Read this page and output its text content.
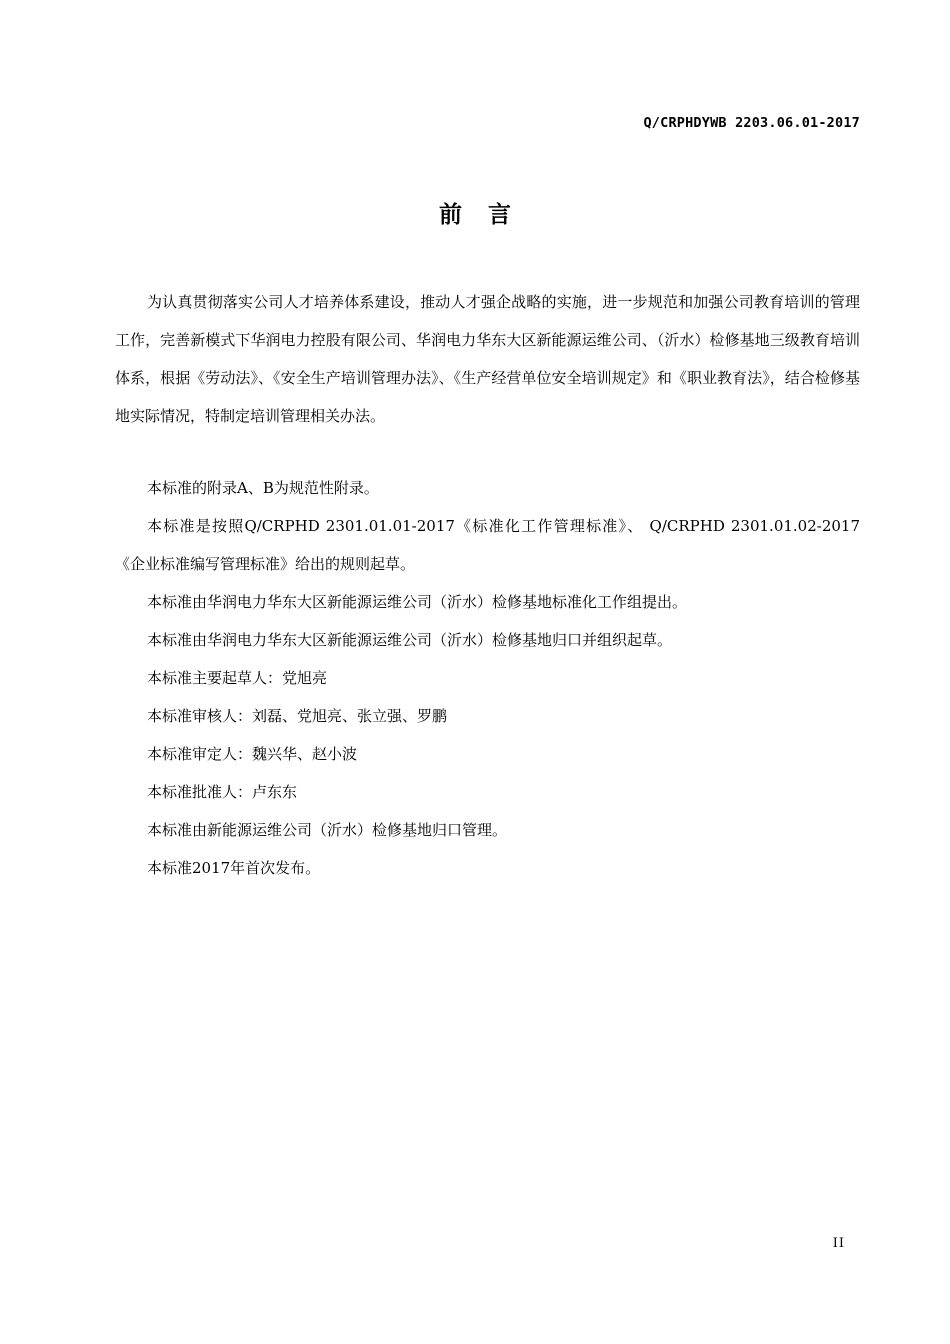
Q/CRPHDYWB 2203.06.01-2017
前言

为认真贯彻落实公司人才培养体系建设，推动人才强企战略的实施，进一步规范和加强公司教育培训的管理工作，完善新模式下华润电力控股有限公司、华润电力华东大区新能源运维公司、（沂水）检修基地三级教育培训体系，根据《劳动法》、《安全生产培训管理办法》、《生产经营单位安全培训规定》和《职业教育法》，结合检修基地实际情况，特制定培训管理相关办法。

本标准的附录A、B为规范性附录。
本标准是按照Q/CRPHD 2301.01.01-2017《标准化工作管理标准》、 Q/CRPHD 2301.01.02-2017《企业标准编写管理标准》给出的规则起草。
本标准由华润电力华东大区新能源运维公司（沂水）检修基地标准化工作组提出。
本标准由华润电力华东大区新能源运维公司（沂水）检修基地归口并组织起草。
本标准主要起草人：党旭亮
本标准审核人：刘磊、党旭亮、张立强、罗鹏
本标准审定人：魏兴华、赵小波
本标准批准人：卢东东
本标准由新能源运维公司（沂水）检修基地归口管理。
本标准2017年首次发布。
II
